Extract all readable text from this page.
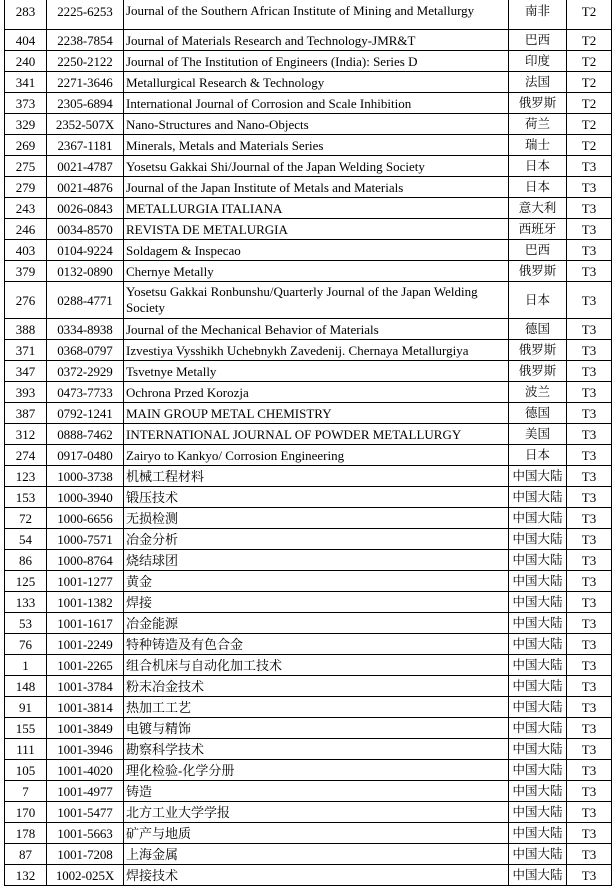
283	2225-6253	Journal of the Southern African Institute of Mining and Metallurgy	南非	T2
404	2238-7854	Journal of Materials Research and Technology-JMR&T	巴西	T2
240	2250-2122	Journal of The Institution of Engineers (India): Series D	印度	T2
341	2271-3646	Metallurgical Research & Technology	法国	T2
373	2305-6894	International Journal of Corrosion and Scale Inhibition	俄罗斯	T2
329	2352-507X	Nano-Structures and Nano-Objects	荷兰	T2
269	2367-1181	Minerals, Metals and Materials Series	瑞士	T2
275	0021-4787	Yosetsu Gakkai Shi/Journal of the Japan Welding Society	日本	T3
279	0021-4876	Journal of the Japan Institute of Metals and Materials	日本	T3
243	0026-0843	METALLURGIA ITALIANA	意大利	T3
246	0034-8570	REVISTA DE METALURGIA	西班牙	T3
403	0104-9224	Soldagem & Inspecao	巴西	T3
379	0132-0890	Chernye Metally	俄罗斯	T3
276	0288-4771	Yosetsu Gakkai Ronbunshu/Quarterly Journal of the Japan Welding Society	日本	T3
388	0334-8938	Journal of the Mechanical Behavior of Materials	德国	T3
371	0368-0797	Izvestiya Vysshikh Uchebnykh Zavedenij. Chernaya Metallurgiya	俄罗斯	T3
347	0372-2929	Tsvetnye Metally	俄罗斯	T3
393	0473-7733	Ochrona Przed Korozja	波兰	T3
387	0792-1241	MAIN GROUP METAL CHEMISTRY	德国	T3
312	0888-7462	INTERNATIONAL JOURNAL OF POWDER METALLURGY	美国	T3
274	0917-0480	Zairyo to Kankyo/ Corrosion Engineering	日本	T3
123	1000-3738	机械工程材料	中国大陆	T3
153	1000-3940	锻压技术	中国大陆	T3
72	1000-6656	无损检测	中国大陆	T3
54	1000-7571	冶金分析	中国大陆	T3
86	1000-8764	烧结球团	中国大陆	T3
125	1001-1277	黄金	中国大陆	T3
133	1001-1382	焊接	中国大陆	T3
53	1001-1617	冶金能源	中国大陆	T3
76	1001-2249	特种铸造及有色合金	中国大陆	T3
1	1001-2265	组合机床与自动化加工技术	中国大陆	T3
148	1001-3784	粉末冶金技术	中国大陆	T3
91	1001-3814	热加工工艺	中国大陆	T3
155	1001-3849	电镀与精饰	中国大陆	T3
111	1001-3946	勘察科学技术	中国大陆	T3
105	1001-4020	理化检验-化学分册	中国大陆	T3
7	1001-4977	铸造	中国大陆	T3
170	1001-5477	北方工业大学学报	中国大陆	T3
178	1001-5663	矿产与地质	中国大陆	T3
87	1001-7208	上海金属	中国大陆	T3
132	1002-025X	焊接技术	中国大陆	T3
